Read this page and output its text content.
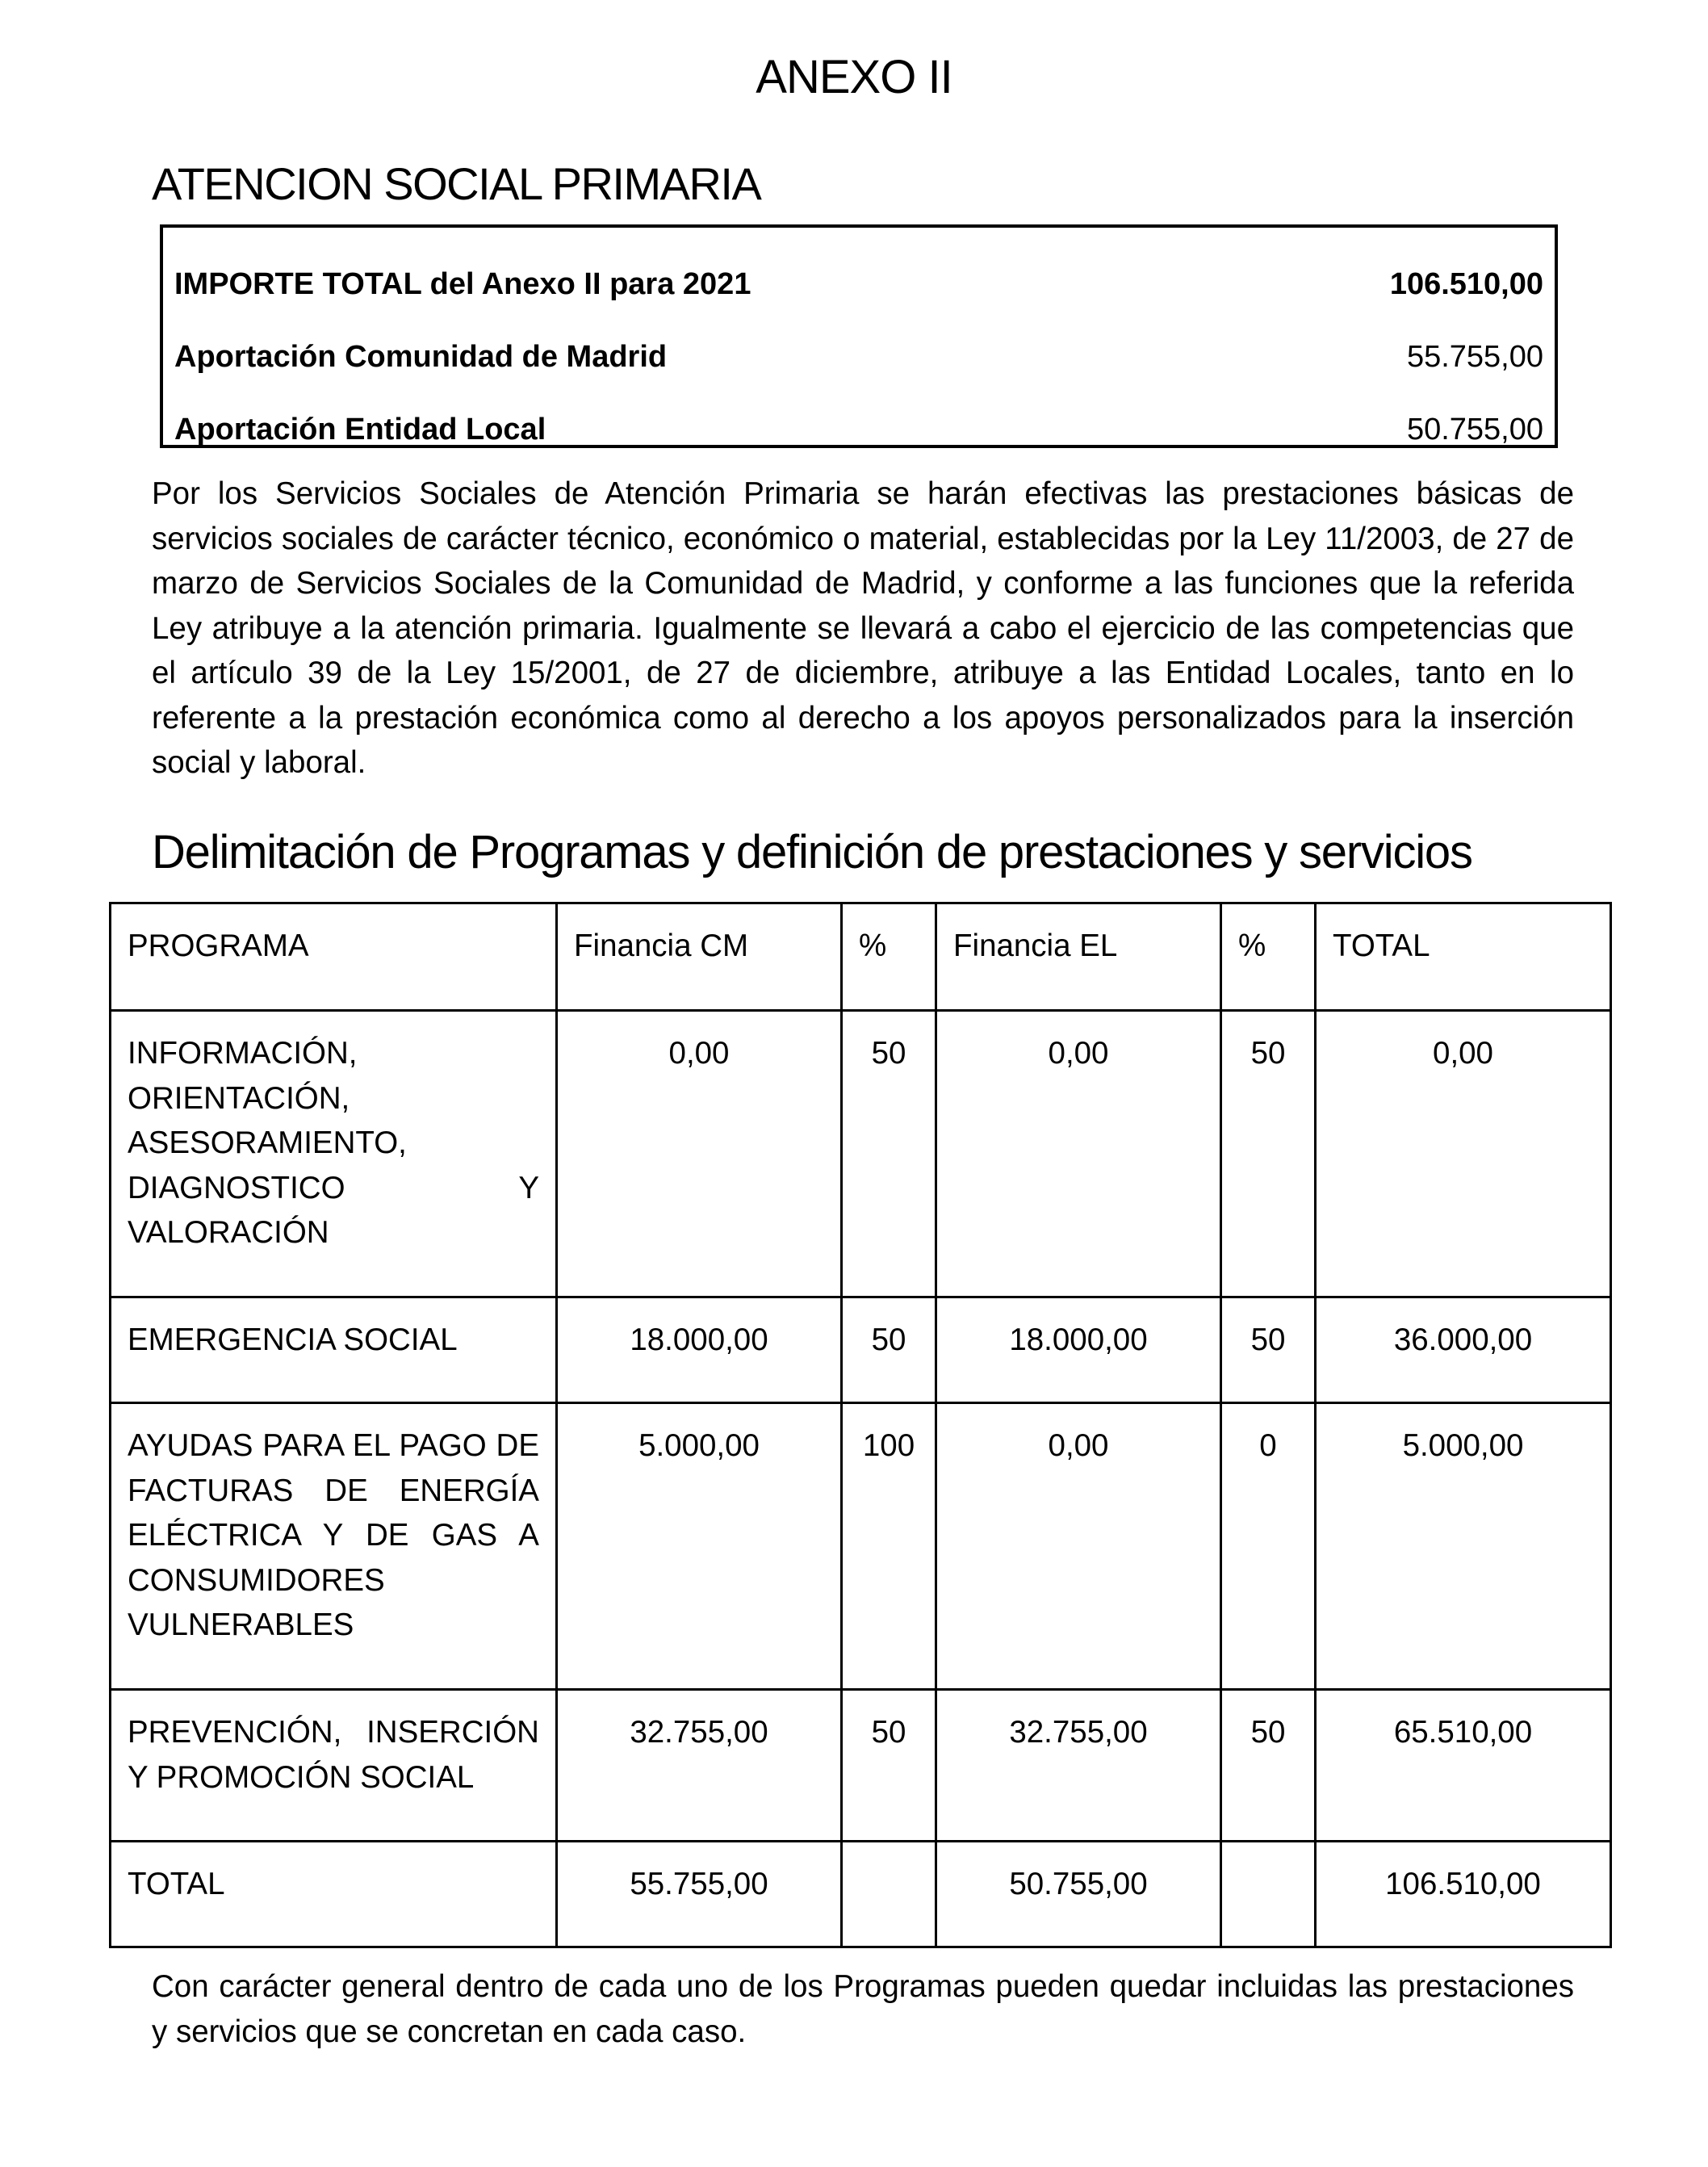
ANEXO II
ATENCION SOCIAL PRIMARIA
IMPORTE TOTAL del Anexo II para 2021	106.510,00
Aportación Comunidad de Madrid	55.755,00
Aportación Entidad Local	50.755,00
Por los Servicios Sociales de Atención Primaria se harán efectivas las prestaciones básicas de servicios sociales de carácter técnico, económico o material, establecidas por la Ley 11/2003, de 27 de marzo de Servicios Sociales de la Comunidad de Madrid, y conforme a las funciones que la referida Ley atribuye a la atención primaria. Igualmente se llevará a cabo el ejercicio de las competencias que el artículo 39 de la Ley 15/2001, de 27 de diciembre, atribuye a las Entidad Locales, tanto en lo referente a la prestación económica como al derecho a los apoyos personalizados para la inserción social y laboral.
Delimitación de Programas y definición de prestaciones y servicios
PROGRAMA	Financia CM	%	Financia EL	%	TOTAL
INFORMACIÓN, ORIENTACIÓN, ASESORAMIENTO, DIAGNOSTICO Y VALORACIÓN	0,00	50	0,00	50	0,00
EMERGENCIA SOCIAL	18.000,00	50	18.000,00	50	36.000,00
AYUDAS PARA EL PAGO DE FACTURAS DE ENERGÍA ELÉCTRICA Y DE GAS A CONSUMIDORES VULNERABLES	5.000,00	100	0,00	0	5.000,00
PREVENCIÓN, INSERCIÓN Y PROMOCIÓN SOCIAL	32.755,00	50	32.755,00	50	65.510,00
TOTAL	55.755,00		50.755,00		106.510,00
Con carácter general dentro de cada uno de los Programas pueden quedar incluidas las prestaciones y servicios que se concretan en cada caso.
